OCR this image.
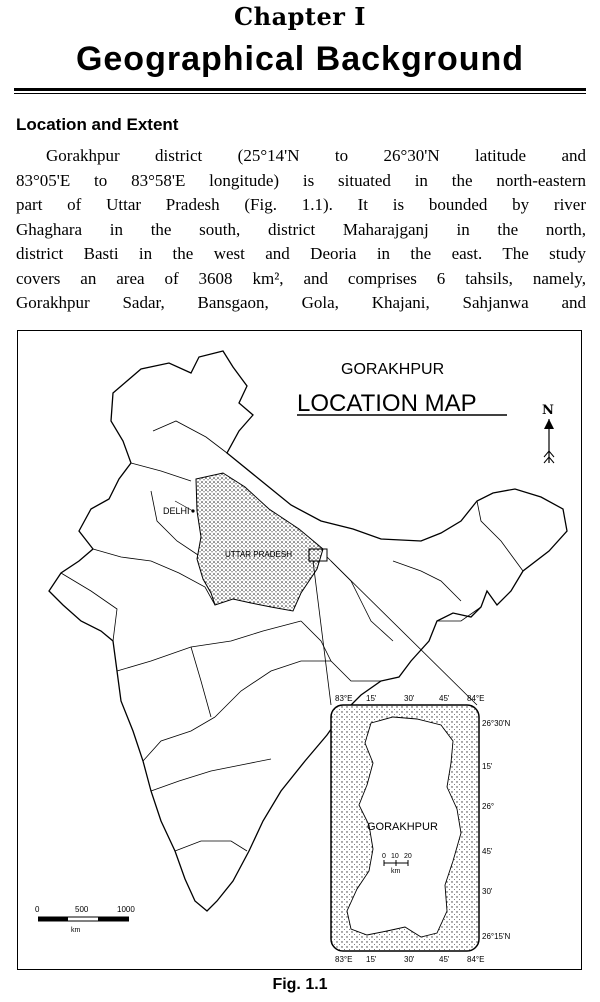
Chapter I
Geographical Background
Location and Extent
Gorakhpur district (25°14'N to 26°30'N latitude and
83°05'E to 83°58'E longitude) is situated in the north-eastern
part of Uttar Pradesh (Fig. 1.1). It is bounded by river
Ghaghara in the south, district Maharajganj in the north,
district Basti in the west and Deoria in the east. The study
covers an area of 3608 km², and comprises 6 tahsils, namely,
Gorakhpur Sadar, Bansgaon, Gola, Khajani, Sahjanwa and
DELHI
UTTAR PRADESH
GORAKHPUR
LOCATION MAP	N
0	500	1000
km
GORAKHPUR
0 10 20
km
83°E 15'	30'	45' 84°E
83°E 15'	30'	45' 84°E
26°30'N
15'
26°
45'
30'
26°15'N
Fig. 1.1
